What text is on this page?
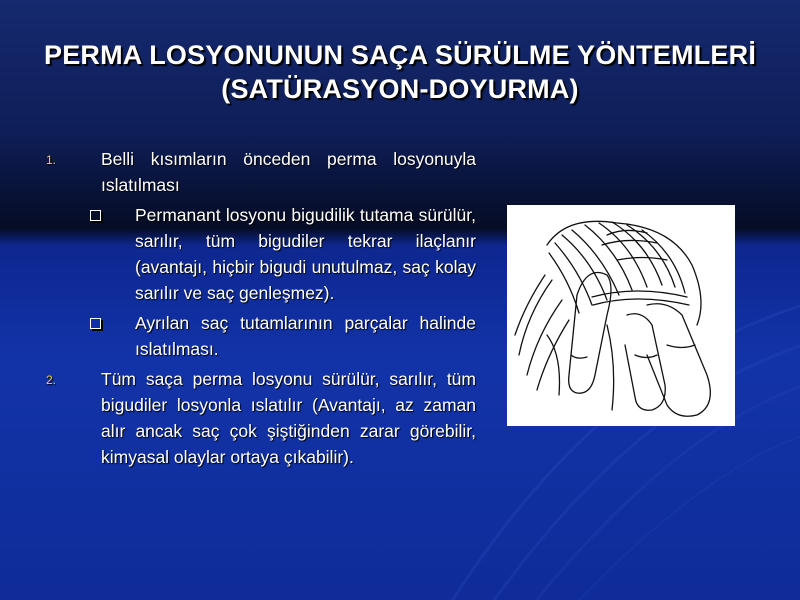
PERMA LOSYONUNUN SAÇA SÜRÜLME YÖNTEMLERİ
(SATÜRASYON-DOYURMA)
1.	Belli kısımların önceden perma losyonuyla ıslatılması
Permanant losyonu bigudilik tutama sürülür, sarılır, tüm bigudiler tekrar ilaçlanır (avantajı, hiçbir bigudi unutulmaz, saç kolay sarılır ve saç genleşmez).
Ayrılan saç tutamlarının parçalar halinde ıslatılması.
2.	Tüm saça perma losyonu sürülür, sarılır, tüm bigudiler losyonla ıslatılır (Avantajı, az zaman alır ancak saç çok şiştiğinden zarar görebilir, kimyasal olaylar ortaya çıkabilir).
